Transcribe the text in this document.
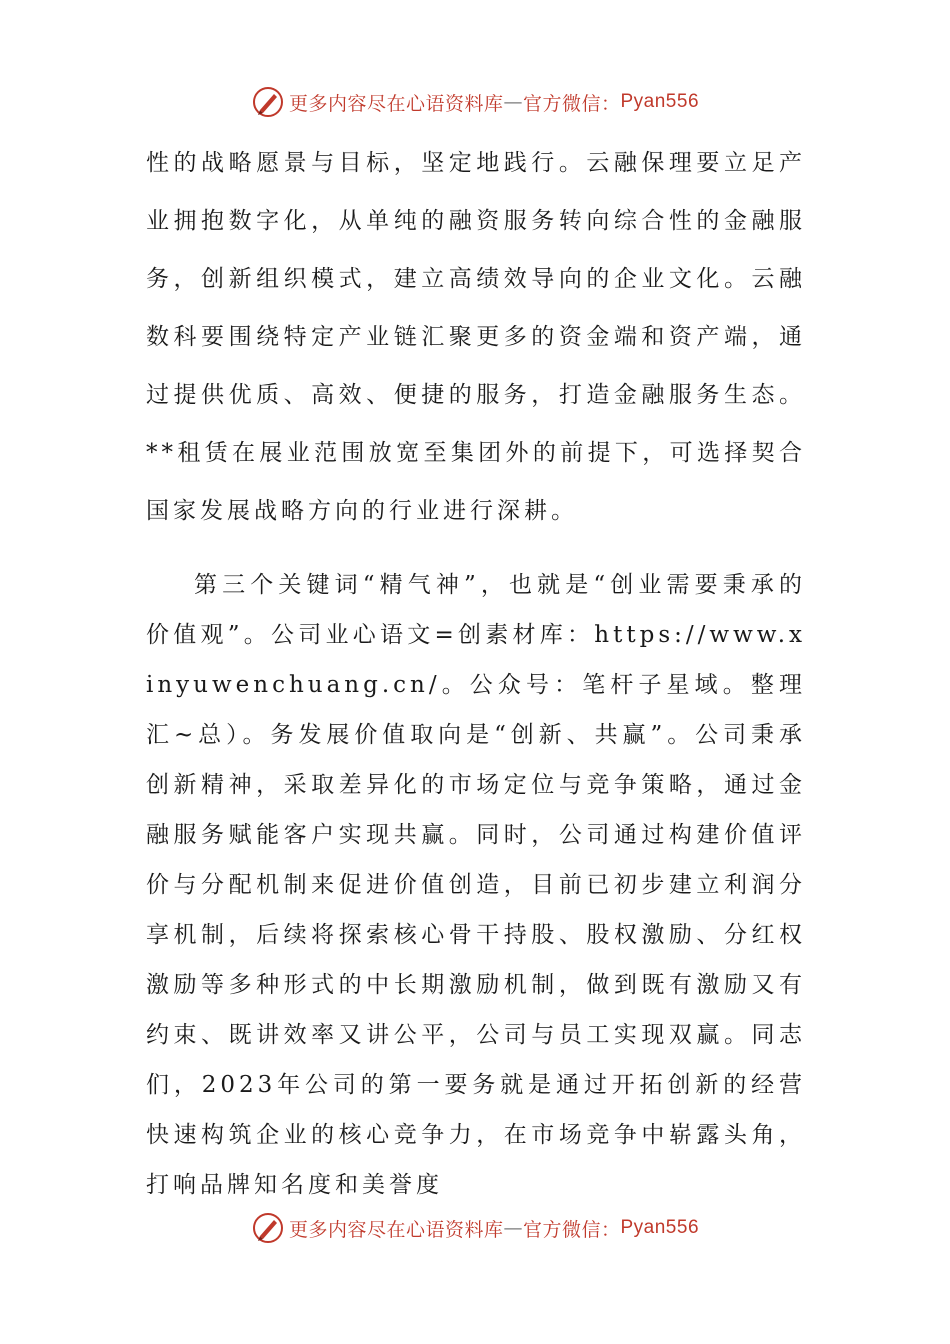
更多内容尽在心语资料库 — 官方微信： Pyan556

性的战略愿景与目标，坚定地践行。云融保理要立足产业拥抱数字化，从单纯的融资服务转向综合性的金融服务，创新组织模式，建立高绩效导向的企业文化。云融数科要围绕特定产业链汇聚更多的资金端和资产端，通过提供优质、高效、便捷的服务，打造金融服务生态。**租赁在展业范围放宽至集团外的前提下，可选择契合国家发展战略方向的行业进行深耕。

第三个关键词“精气神”，也就是“创业需要秉承的价值观”。公司业心语文=创素材库：https://www.xinyuwenchuang.cn/。公众号：笔杆子星域。整理汇~总）。务发展价值取向是“创新、共赢”。公司秉承创新精神，采取差异化的市场定位与竞争策略，通过金融服务赋能客户实现共赢。同时，公司通过构建价值评价与分配机制来促进价值创造，目前已初步建立利润分享机制，后续将探索核心骨干持股、股权激励、分红权激励等多种形式的中长期激励机制，做到既有激励又有约束、既讲效率又讲公平，公司与员工实现双赢。同志们，2023年公司的第一要务就是通过开拓创新的经营快速构筑企业的核心竞争力，在市场竞争中崭露头角，打响品牌知名度和美誉度

更多内容尽在心语资料库 — 官方微信： Pyan556
